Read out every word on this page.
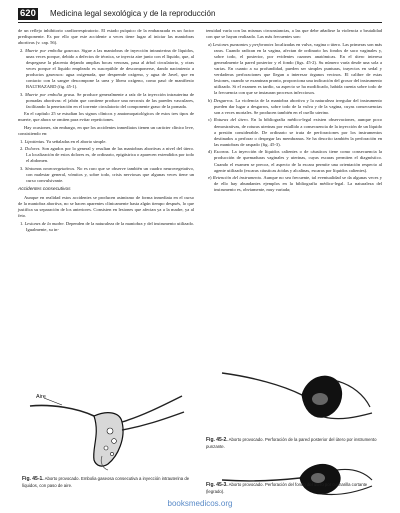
620 Medicina legal sexológica y de la reproducción

de un reflejo inhibitorio cardiorrespiratorio. El estado psíquico de la embarazada es un factor predisponente. Es por ello que este accidente a veces tiene lugar al iniciar las maniobras abortivas (v. cap. 56).

2. Muerte por embolia gaseosa. Sigue a las maniobras de inyección intrauterina de líquidos, unas veces porque, debido a defectos de técnica, se inyecta aire junto con el líquido, que, al despegarse la placenta dejando amplias bocas venosas, pasa al árbol circulatorio, y otras veces porque el líquido empleado es susceptible de descomponerse, dando nacimiento a productos gaseosos: agua oxigenada, que desprende oxígeno, y agua de Javel, que en contacto con la sangre descompone la urea y libera oxígeno, como pasó de manifiesto BALTHAZARD (fig. 45-1).

3. Muerte por embolia grasa. Se produce generalmente a raíz de la inyección intrauterina de pomadas abortivas: el jabón que contiene produce una necrosis de las paredes vasculares, facilitando la penetración en el torrente circulatorio del componente graso de la pomada.

En el capítulo 25 se estudian los signos clínicos y anatomopatológicos de estos tres tipos de muerte, que ahora se omiten para evitar repeticiones.

Hay ocasiones, sin embargo, en que los accidentes inmediatos tienen un carácter clínico leve, consistiendo en:

1. Lipotimias. Ya señaladas en el aborto simple.

2. Dolores. Son agudos por lo general y resultan de las maniobras abortivas a nivel del útero. La localización de estos dolores es, de ordinario, epigástrica o aparecen extendidos por todo el abdomen.

3. Síntomas neurovegetativos. No es raro que se observe también un cuadro neurovegetativo, con malestar general, vómitos y, sobre todo, crisis nerviosas que algunas veces tiene un curso convulsivante.

Accidentes consecutivos

Aunque en realidad estos accidentes se producen asimismo de forma inmediata en el curso de la maniobra abortiva, no se hacen aparentes clínicamente hasta algún tiempo después, lo que justifica su separación de los anteriores. Consisten en lesiones que afectan ya a la madre, ya al feto.

1. Lesiones de la madre. Dependen de la naturaleza de la maniobra y del instrumento utilizado. Igualmente, su in-

tensidad varía con las mismas circunstancias, a las que debe añadirse la violencia o brutalidad con que se hayan realizado. Las más frecuentes son:

a) Lesiones punzantes y perforantes localizadas en vulva, vagina o útero. Las primeras son más raras. Cuando radican en la vagina, afectan de ordinario los fondos de saco vaginales y, sobre todo, el posterior, por evidentes razones anatómicas. En el útero interesa generalmente la pared posterior y el fondo (figs. 45-2). Su número varía desde una sola a varias. En cuanto a su profundidad, pueden ser simples punturas, trayectos en sedal y verdaderas perforaciones que llegan a interesar órganos vecinos. El calibre de estas lesiones, cuando se examinan pronto, proporciona una indicación del grosor del instrumento utilizado. Si el examen es tardío, su aspecto se ha modificado, habida cuenta sobre todo de la frecuencia con que se instauran procesos infecciosos.

b) Desgarros. La violencia de la maniobra abortiva y la naturaleza irregular del instrumento pueden dar lugar a desgarros, sobre todo de la vulva y de la vagina, cuyas consecuencias son a veces mortales. Se producen también en el cuello uterino.

c) Roturas del útero. En la bibliografía médico-legal existen observaciones, aunque poco demostrativas, de roturas uterinas por estallido a consecuencia de la inyección de un líquido a presión considerable. De ordinario se trata de perforaciones por los instrumentos destinados a perforar o despegar las membranas. Se ha descrito también la perforación en las maniobras de raspado (fig. 45-3).

d) Escaras. La inyección de líquidos calientes o de cáusticos tiene como consecuencia la producción de quemaduras vaginales y uterinas, cuyas escaras permiten el diagnóstico. Cuando el examen se precoz, el aspecto de la escara permite una orientación respecto al agente utilizado (escaras cáusticas ácidas y alcalinas, escaras por líquidos calientes).

e) Retención del instrumento. Aunque no sea frecuente, tal eventualidad se da algunas veces y de ello hay abundantes ejemplos en la bibliografía médico-legal. La naturaleza del instrumento es, obviamente, muy variada;

Aire
Fig. 45-1. Aborto provocado. Embolia gaseosa consecutiva a inyección intrauterina de líquidos, con paso de aire.
Fig. 45-2. Aborto provocado. Perforación de la pared posterior del útero por instrumento punzante.
Fig. 45-3. Aborto provocado. Perforación del fondo del útero por cucharilla cortante (legrado).
booksmedicos.org
